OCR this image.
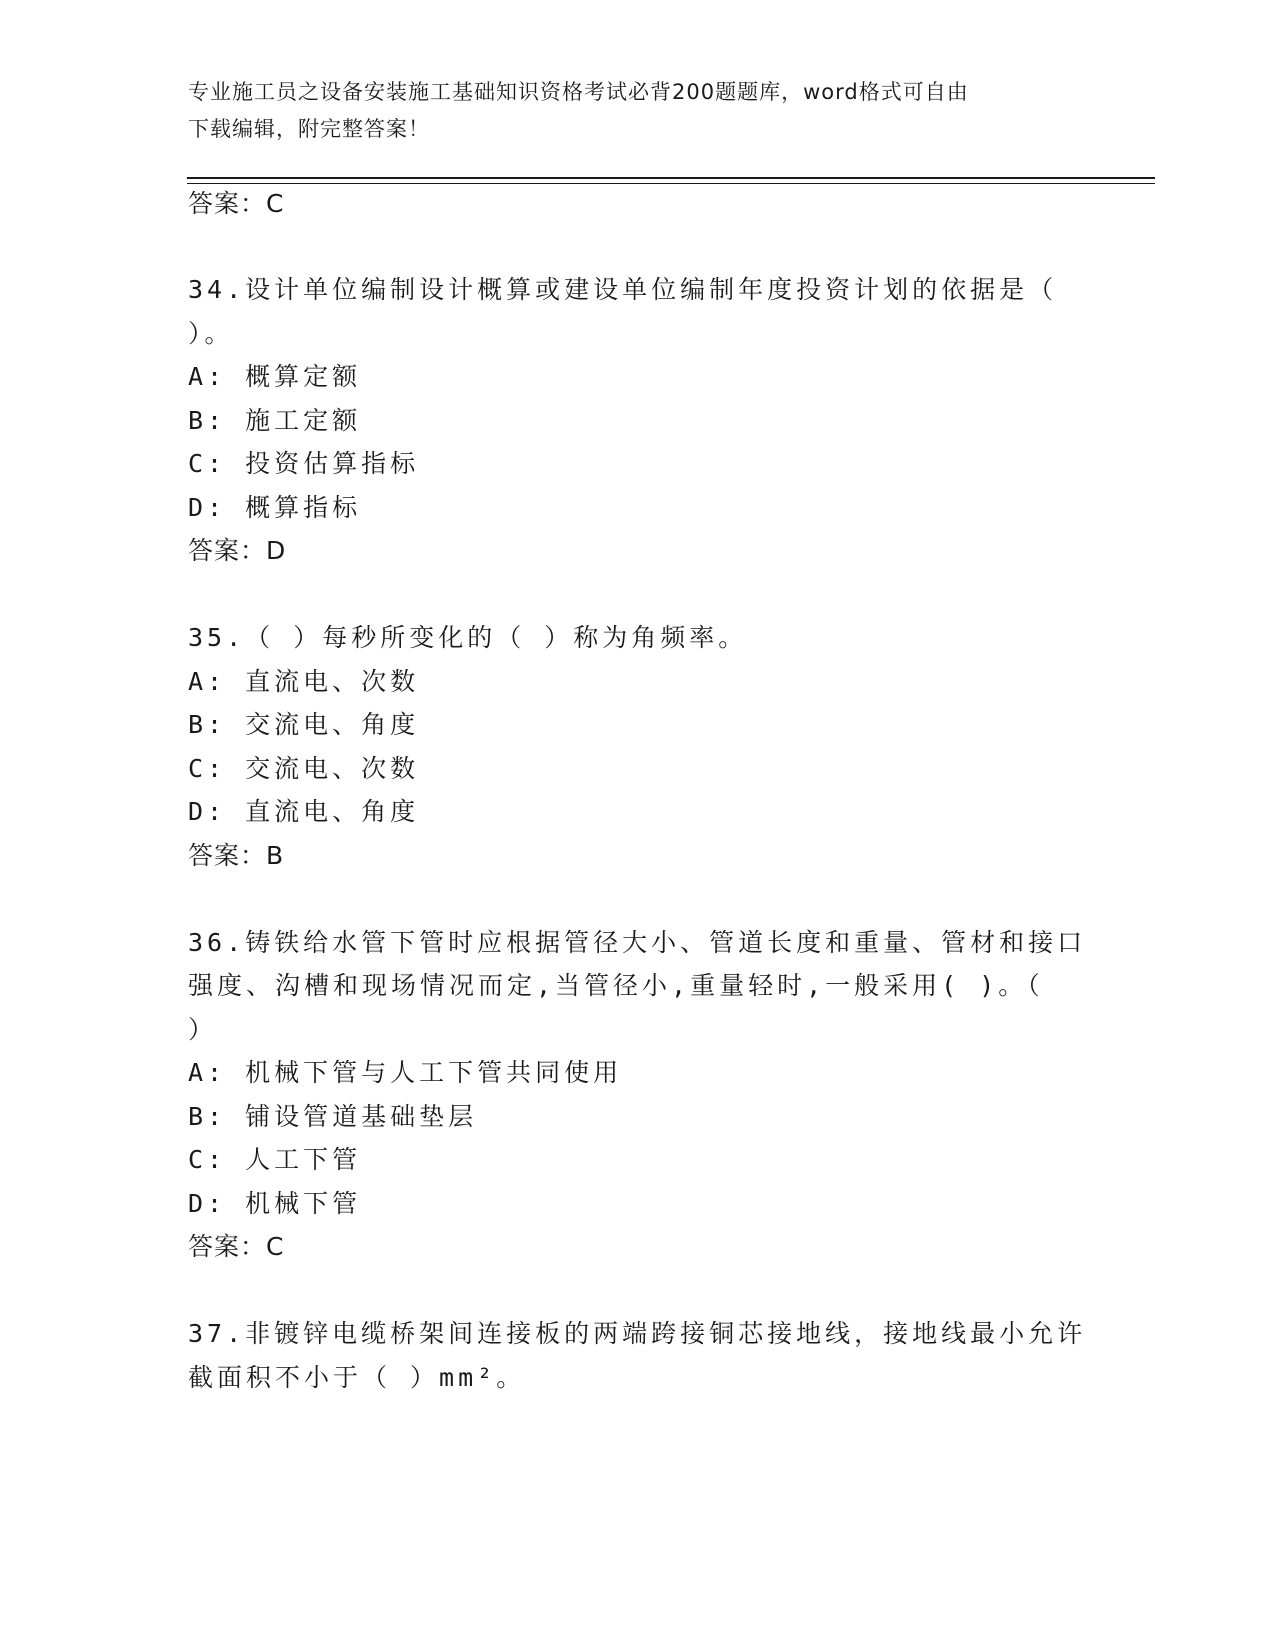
专业施工员之设备安装施工基础知识资格考试必背200题题库，word格式可自由
下载编辑，附完整答案！
答案：C
34.设计单位编制设计概算或建设单位编制年度投资计划的依据是（
）。
A: 概算定额
B: 施工定额
C: 投资估算指标
D: 概算指标
答案：D
35.（ ）每秒所变化的（ ）称为角频率。
A: 直流电、次数
B: 交流电、角度
C: 交流电、次数
D: 直流电、角度
答案：B
36.铸铁给水管下管时应根据管径大小、管道长度和重量、管材和接口
强度、沟槽和现场情况而定,当管径小,重量轻时,一般采用( )。（
）
A: 机械下管与人工下管共同使用
B: 铺设管道基础垫层
C: 人工下管
D: 机械下管
答案：C
37.非镀锌电缆桥架间连接板的两端跨接铜芯接地线，接地线最小允许
截面积不小于（ ）mm²。
